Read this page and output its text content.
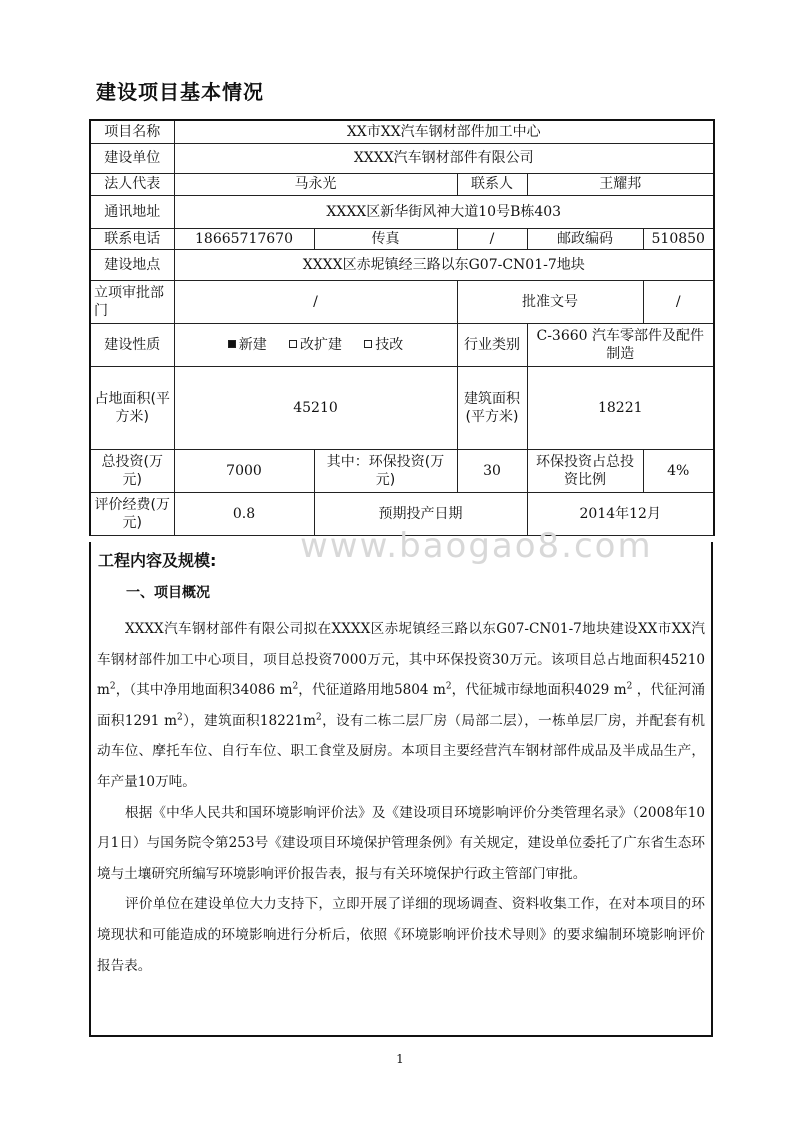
建设项目基本情况
项目名称	XX市XX汽车钢材部件加工中心				
建设单位	XXXX汽车钢材部件有限公司				
法人代表	马永光		联系人	王耀邦	
通讯地址	XXXX区新华街风神大道10号B栋403				
联系电话	18665717670	传真	/	邮政编码	510850
建设地点	XXXX区赤坭镇经三路以东G07-CN01-7地块				
立项审批部门	/		批准文号		/
建设性质	新建 改扩建 技改		行业类别	C-3660 汽车零部件及配件制造	
占地面积(平方米)	45210		建筑面积(平方米)	18221	
总投资(万元)	7000	其中：环保投资(万元)	30	环保投资占总投资比例	4%
评价经费(万元)	0.8	预期投产日期		2014年12月	
www.baogao8.com
工程内容及规模:
一、项目概况

XXXX汽车钢材部件有限公司拟在XXXX区赤坭镇经三路以东G07-CN01-7地块建设XX市XX汽车钢材部件加工中心项目，项目总投资7000万元，其中环保投资30万元。该项目总占地面积45210 $m^2$，（其中净用地面积34086 $m^2$，代征道路用地5804 $m^2$，代征城市绿地面积4029 $m^2$ ，代征河涌面积1291 $m^2$），建筑面积$18221m^2$，设有二栋二层厂房（局部二层），一栋单层厂房，并配套有机动车位、摩托车位、自行车位、职工食堂及厨房。本项目主要经营汽车钢材部件成品及半成品生产，年产量10万吨。

根据《中华人民共和国环境影响评价法》及《建设项目环境影响评价分类管理名录》（2008年10月1日）与国务院令第253号《建设项目环境保护管理条例》有关规定，建设单位委托了广东省生态环境与土壤研究所编写环境影响评价报告表，报与有关环境保护行政主管部门审批。

评价单位在建设单位大力支持下，立即开展了详细的现场调查、资料收集工作，在对本项目的环境现状和可能造成的环境影响进行分析后，依照《环境影响评价技术导则》的要求编制环境影响评价报告表。

1
